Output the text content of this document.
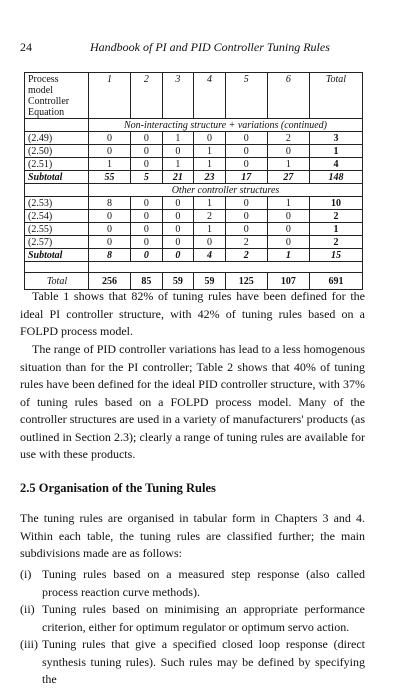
24	Handbook of PI and PID Controller Tuning Rules
Process model
Controller
Equation	1	2	3	4	5	6	Total
	Non-interacting structure + variations (continued)						
(2.49)	0	0	1	0	0	2	3
(2.50)	0	0	0	1	0	0	1
(2.51)	1	0	1	1	0	1	4
Subtotal	55	5	21	23	17	27	148
	Other controller structures						
(2.53)	8	0	0	1	0	1	10
(2.54)	0	0	0	2	0	0	2
(2.55)	0	0	0	1	0	0	1
(2.57)	0	0	0	0	2	0	2
Subtotal	8	0	0	4	2	1	15

Total	256	85	59	59	125	107	691

Table 1 shows that 82% of tuning rules have been defined for the ideal PI controller structure, with 42% of tuning rules based on a FOLPD process model.

The range of PID controller variations has lead to a less homogenous situation than for the PI controller; Table 2 shows that 40% of tuning rules have been defined for the ideal PID controller structure, with 37% of tuning rules based on a FOLPD process model. Many of the controller structures are used in a variety of manufacturers' products (as outlined in Section 2.3); clearly a range of tuning rules are available for use with these products.

2.5 Organisation of the Tuning Rules

The tuning rules are organised in tabular form in Chapters 3 and 4. Within each table, the tuning rules are classified further; the main subdivisions made are as follows:

(i) Tuning rules based on a measured step response (also called process reaction curve methods).
(ii) Tuning rules based on minimising an appropriate performance criterion, either for optimum regulator or optimum servo action.
(iii) Tuning rules that give a specified closed loop response (direct synthesis tuning rules). Such rules may be defined by specifying the
